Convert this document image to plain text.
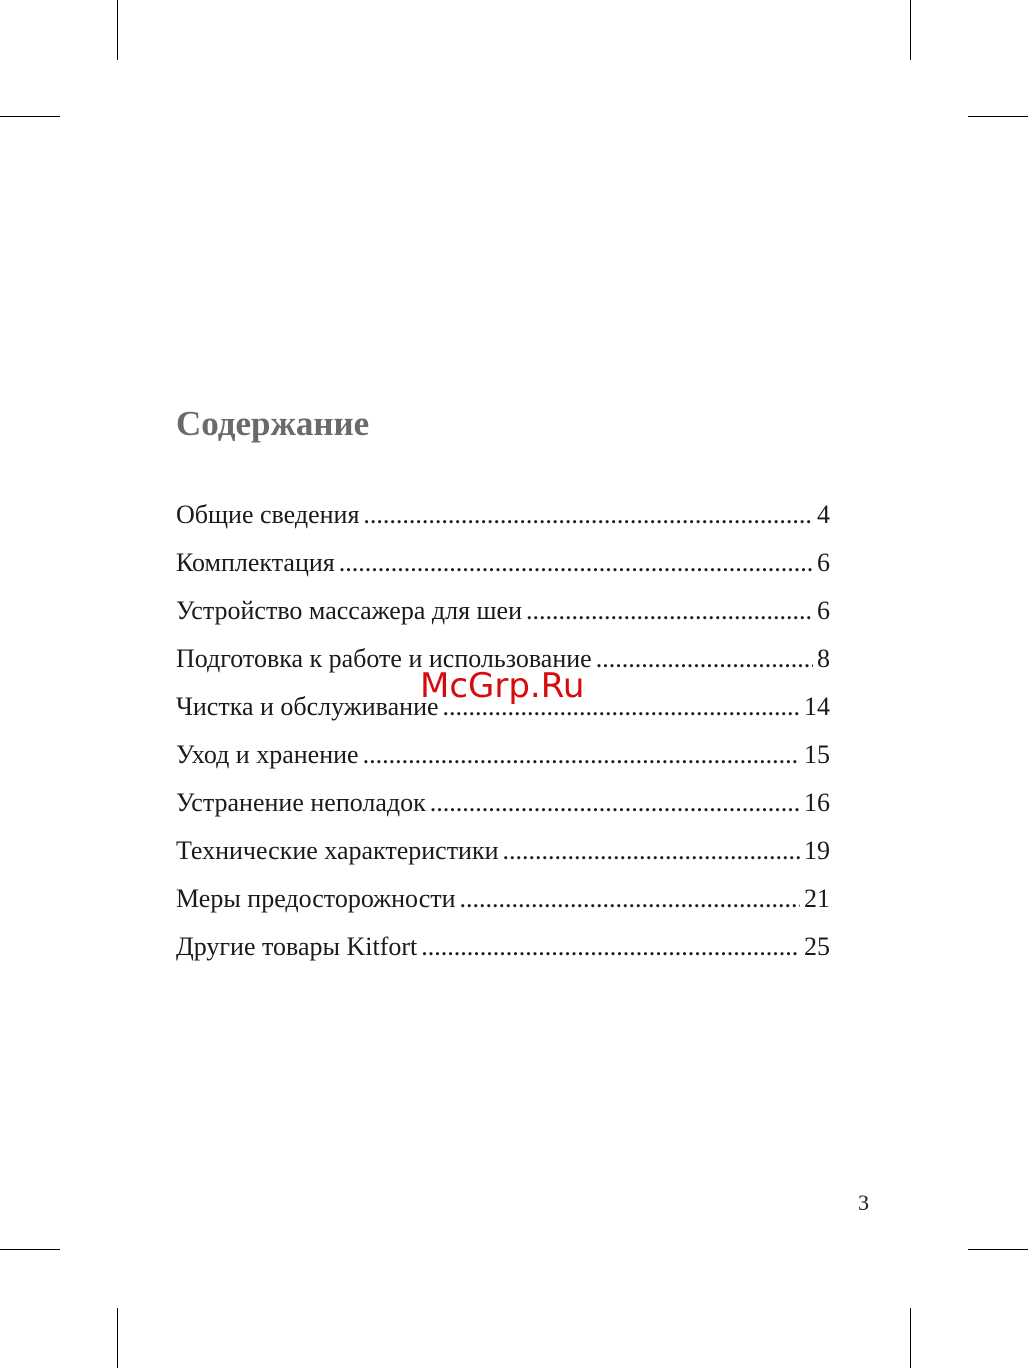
Содержание
Общие сведения .....	4
Комплектация .....	6
Устройство массажера для шеи .....	6
Подготовка к работе и использование .....	8
Чистка и обслуживание .....	14
Уход и хранение .....	15
Устранение неполадок .....	16
Технические характеристики .....	19
Меры предосторожности .....	21
Другие товары Kitfort .....	25
McGrp.Ru
3
